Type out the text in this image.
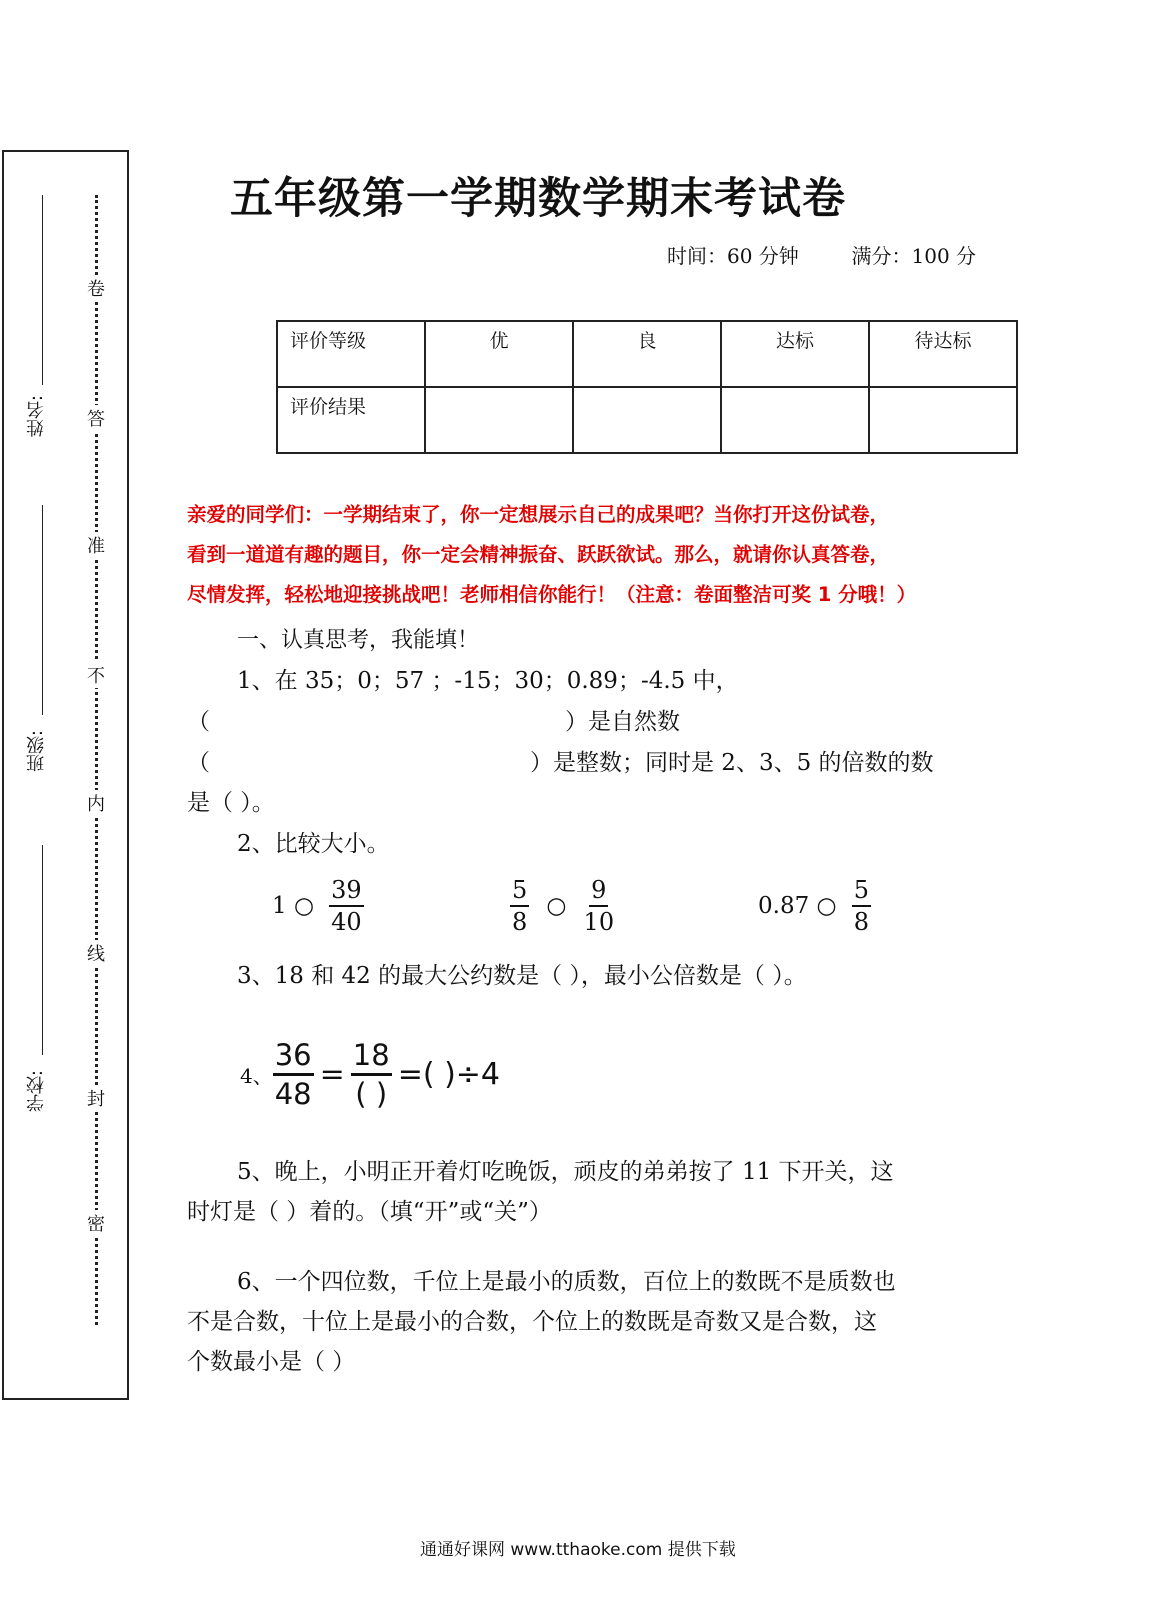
姓名:
班级:
学校:
卷
答
准
不
内
线
封
密
五年级第一学期数学期末考试卷
时间：60 分钟	满分：100 分
评价等级	优	良	达标	待达标
评价结果				
亲爱的同学们：一学期结束了，你一定想展示自己的成果吧？当你打开这份试卷，
看到一道道有趣的题目，你一定会精神振奋、跃跃欲试。那么，就请你认真答卷，
尽情发挥，轻松地迎接挑战吧！老师相信你能行！（注意：卷面整洁可奖 1 分哦！）
一、认真思考，我能填！
1、在 35；0；57 ；-15；30；0.89；-4.5 中，
（	）是自然数
（	）是整数；同时是 2、3、5 的倍数的数
是（ ）。
2、比较大小。
1 ○ $\frac{39}{40}$	$\frac{5}{8}$ ○ $\frac{9}{10}$	0.87 ○ $\frac{5}{8}$
3、18 和 42 的最大公约数是（ ），最小公倍数是（ ）。
4、 $\frac{36}{48} = \frac{18}{( )}$ =( )÷4
5、晚上，小明正开着灯吃晚饭，顽皮的弟弟按了 11 下开关，这
时灯是（ ）着的。（填“开”或“关”）
6、一个四位数，千位上是最小的质数，百位上的数既不是质数也
不是合数，十位上是最小的合数，个位上的数既是奇数又是合数，这
个数最小是（ ）
通通好课网 www.tthaoke.com 提供下载
